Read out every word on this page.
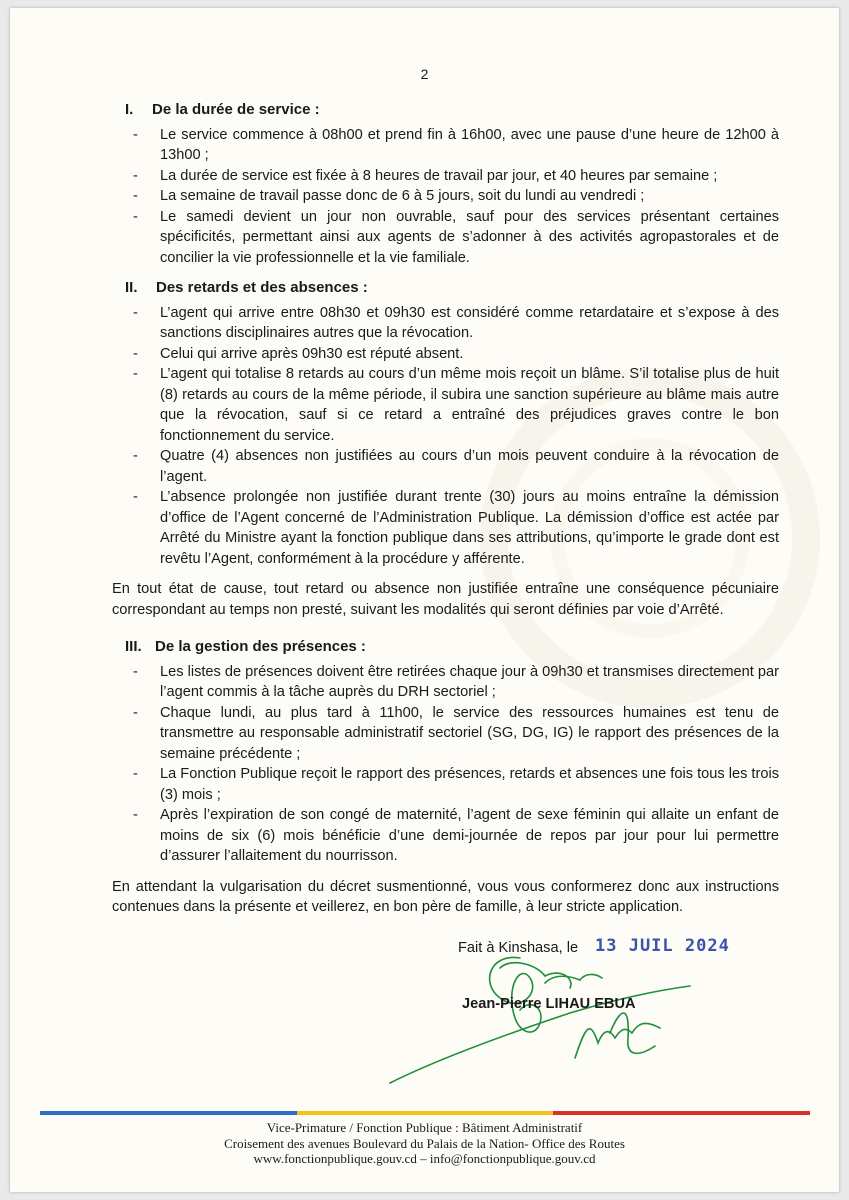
2
I.	De la durée de service :
- Le service commence à 08h00 et prend fin à 16h00, avec une pause d’une heure de 12h00 à 13h00 ;
- La durée de service est fixée à 8 heures de travail par jour, et 40 heures par semaine ;
- La semaine de travail passe donc de 6 à 5 jours, soit du lundi au vendredi ;
- Le samedi devient un jour non ouvrable, sauf pour des services présentant certaines spécificités, permettant ainsi aux agents de s’adonner à des activités agropastorales et de concilier la vie professionnelle et la vie familiale.
II.	Des retards et des absences :
- L’agent qui arrive entre 08h30 et 09h30 est considéré comme retardataire et s’expose à des sanctions disciplinaires autres que la révocation.
- Celui qui arrive après 09h30 est réputé absent.
- L’agent qui totalise 8 retards au cours d’un même mois reçoit un blâme. S’il totalise plus de huit (8) retards au cours de la même période, il subira une sanction supérieure au blâme mais autre que la révocation, sauf si ce retard a entraîné des préjudices graves contre le bon fonctionnement du service.
- Quatre (4) absences non justifiées au cours d’un mois peuvent conduire à la révocation de l’agent.
- L’absence prolongée non justifiée durant trente (30) jours au moins entraîne la démission d’office de l’Agent concerné de l’Administration Publique. La démission d’office est actée par Arrêté du Ministre ayant la fonction publique dans ses attributions, qu’importe le grade dont est revêtu l’Agent, conformément à la procédure y afférente.

En tout état de cause, tout retard ou absence non justifiée entraîne une conséquence pécuniaire correspondant au temps non presté, suivant les modalités qui seront définies par voie d’Arrêté.

III. De la gestion des présences :
- Les listes de présences doivent être retirées chaque jour à 09h30 et transmises directement par l’agent commis à la tâche auprès du DRH sectoriel ;
- Chaque lundi, au plus tard à 11h00, le service des ressources humaines est tenu de transmettre au responsable administratif sectoriel (SG, DG, IG) le rapport des présences de la semaine précédente ;
- La Fonction Publique reçoit le rapport des présences, retards et absences une fois tous les trois (3) mois ;
- Après l’expiration de son congé de maternité, l’agent de sexe féminin qui allaite un enfant de moins de six (6) mois bénéficie d’une demi-journée de repos par jour pour lui permettre d’assurer l’allaitement du nourrisson.

En attendant la vulgarisation du décret susmentionné, vous vous conformerez donc aux instructions contenues dans la présente et veillerez, en bon père de famille, à leur stricte application.

Fait à Kinshasa, le 13 JUIL 2024
Jean-Pierre LIHAU EBUA
Vice-Primature / Fonction Publique : Bâtiment Administratif
Croisement des avenues Boulevard du Palais de la Nation- Office des Routes
www.fonctionpublique.gouv.cd – info@fonctionpublique.gouv.cd
